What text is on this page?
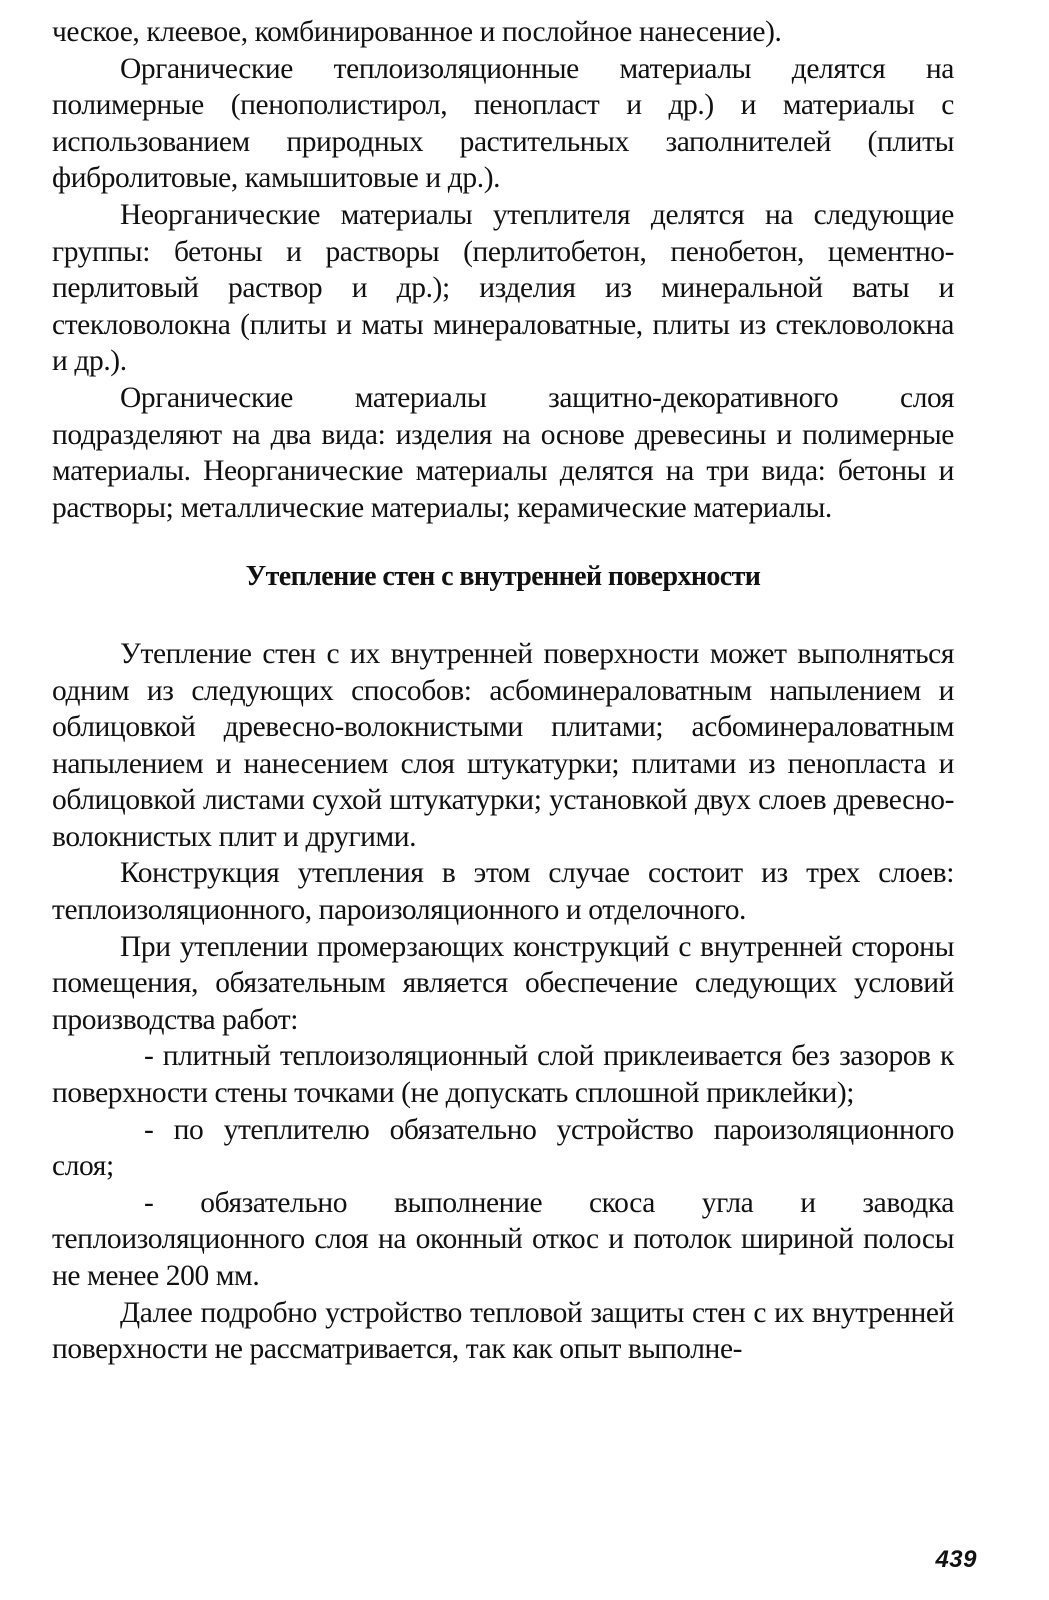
ческое, клеевое, комбинированное и послойное нанесение).

Органические теплоизоляционные материалы делятся на полимерные (пенополистирол, пенопласт и др.) и материалы с использованием природных растительных заполнителей (плиты фибролитовые, камышитовые и др.).

Неорганические материалы утеплителя делятся на следующие группы: бетоны и растворы (перлитобетон, пенобетон, цементно-перлитовый раствор и др.); изделия из минеральной ваты и стекловолокна (плиты и маты минераловатные, плиты из стекловолокна и др.).

Органические материалы защитно-декоративного слоя подразделяют на два вида: изделия на основе древесины и полимерные материалы. Неорганические материалы делятся на три вида: бетоны и растворы; металлические материалы; керамические материалы.

Утепление стен с внутренней поверхности

Утепление стен с их внутренней поверхности может выполняться одним из следующих способов: асбоминераловатным напылением и облицовкой древесно-волокнистыми плитами; асбоминераловатным напылением и нанесением слоя штукатурки; плитами из пенопласта и облицовкой листами сухой штукатурки; установкой двух слоев древесно-волокнистых плит и другими.

Конструкция утепления в этом случае состоит из трех слоев: теплоизоляционного, пароизоляционного и отделочного.

При утеплении промерзающих конструкций с внутренней стороны помещения, обязательным является обеспечение следующих условий производства работ:

- плитный теплоизоляционный слой приклеивается без зазоров к поверхности стены точками (не допускать сплошной приклейки);

- по утеплителю обязательно устройство пароизоляционного слоя;

- обязательно выполнение скоса угла и заводка теплоизоляционного слоя на оконный откос и потолок шириной полосы не менее 200 мм.

Далее подробно устройство тепловой защиты стен с их внутренней поверхности не рассматривается, так как опыт выполне-

439
